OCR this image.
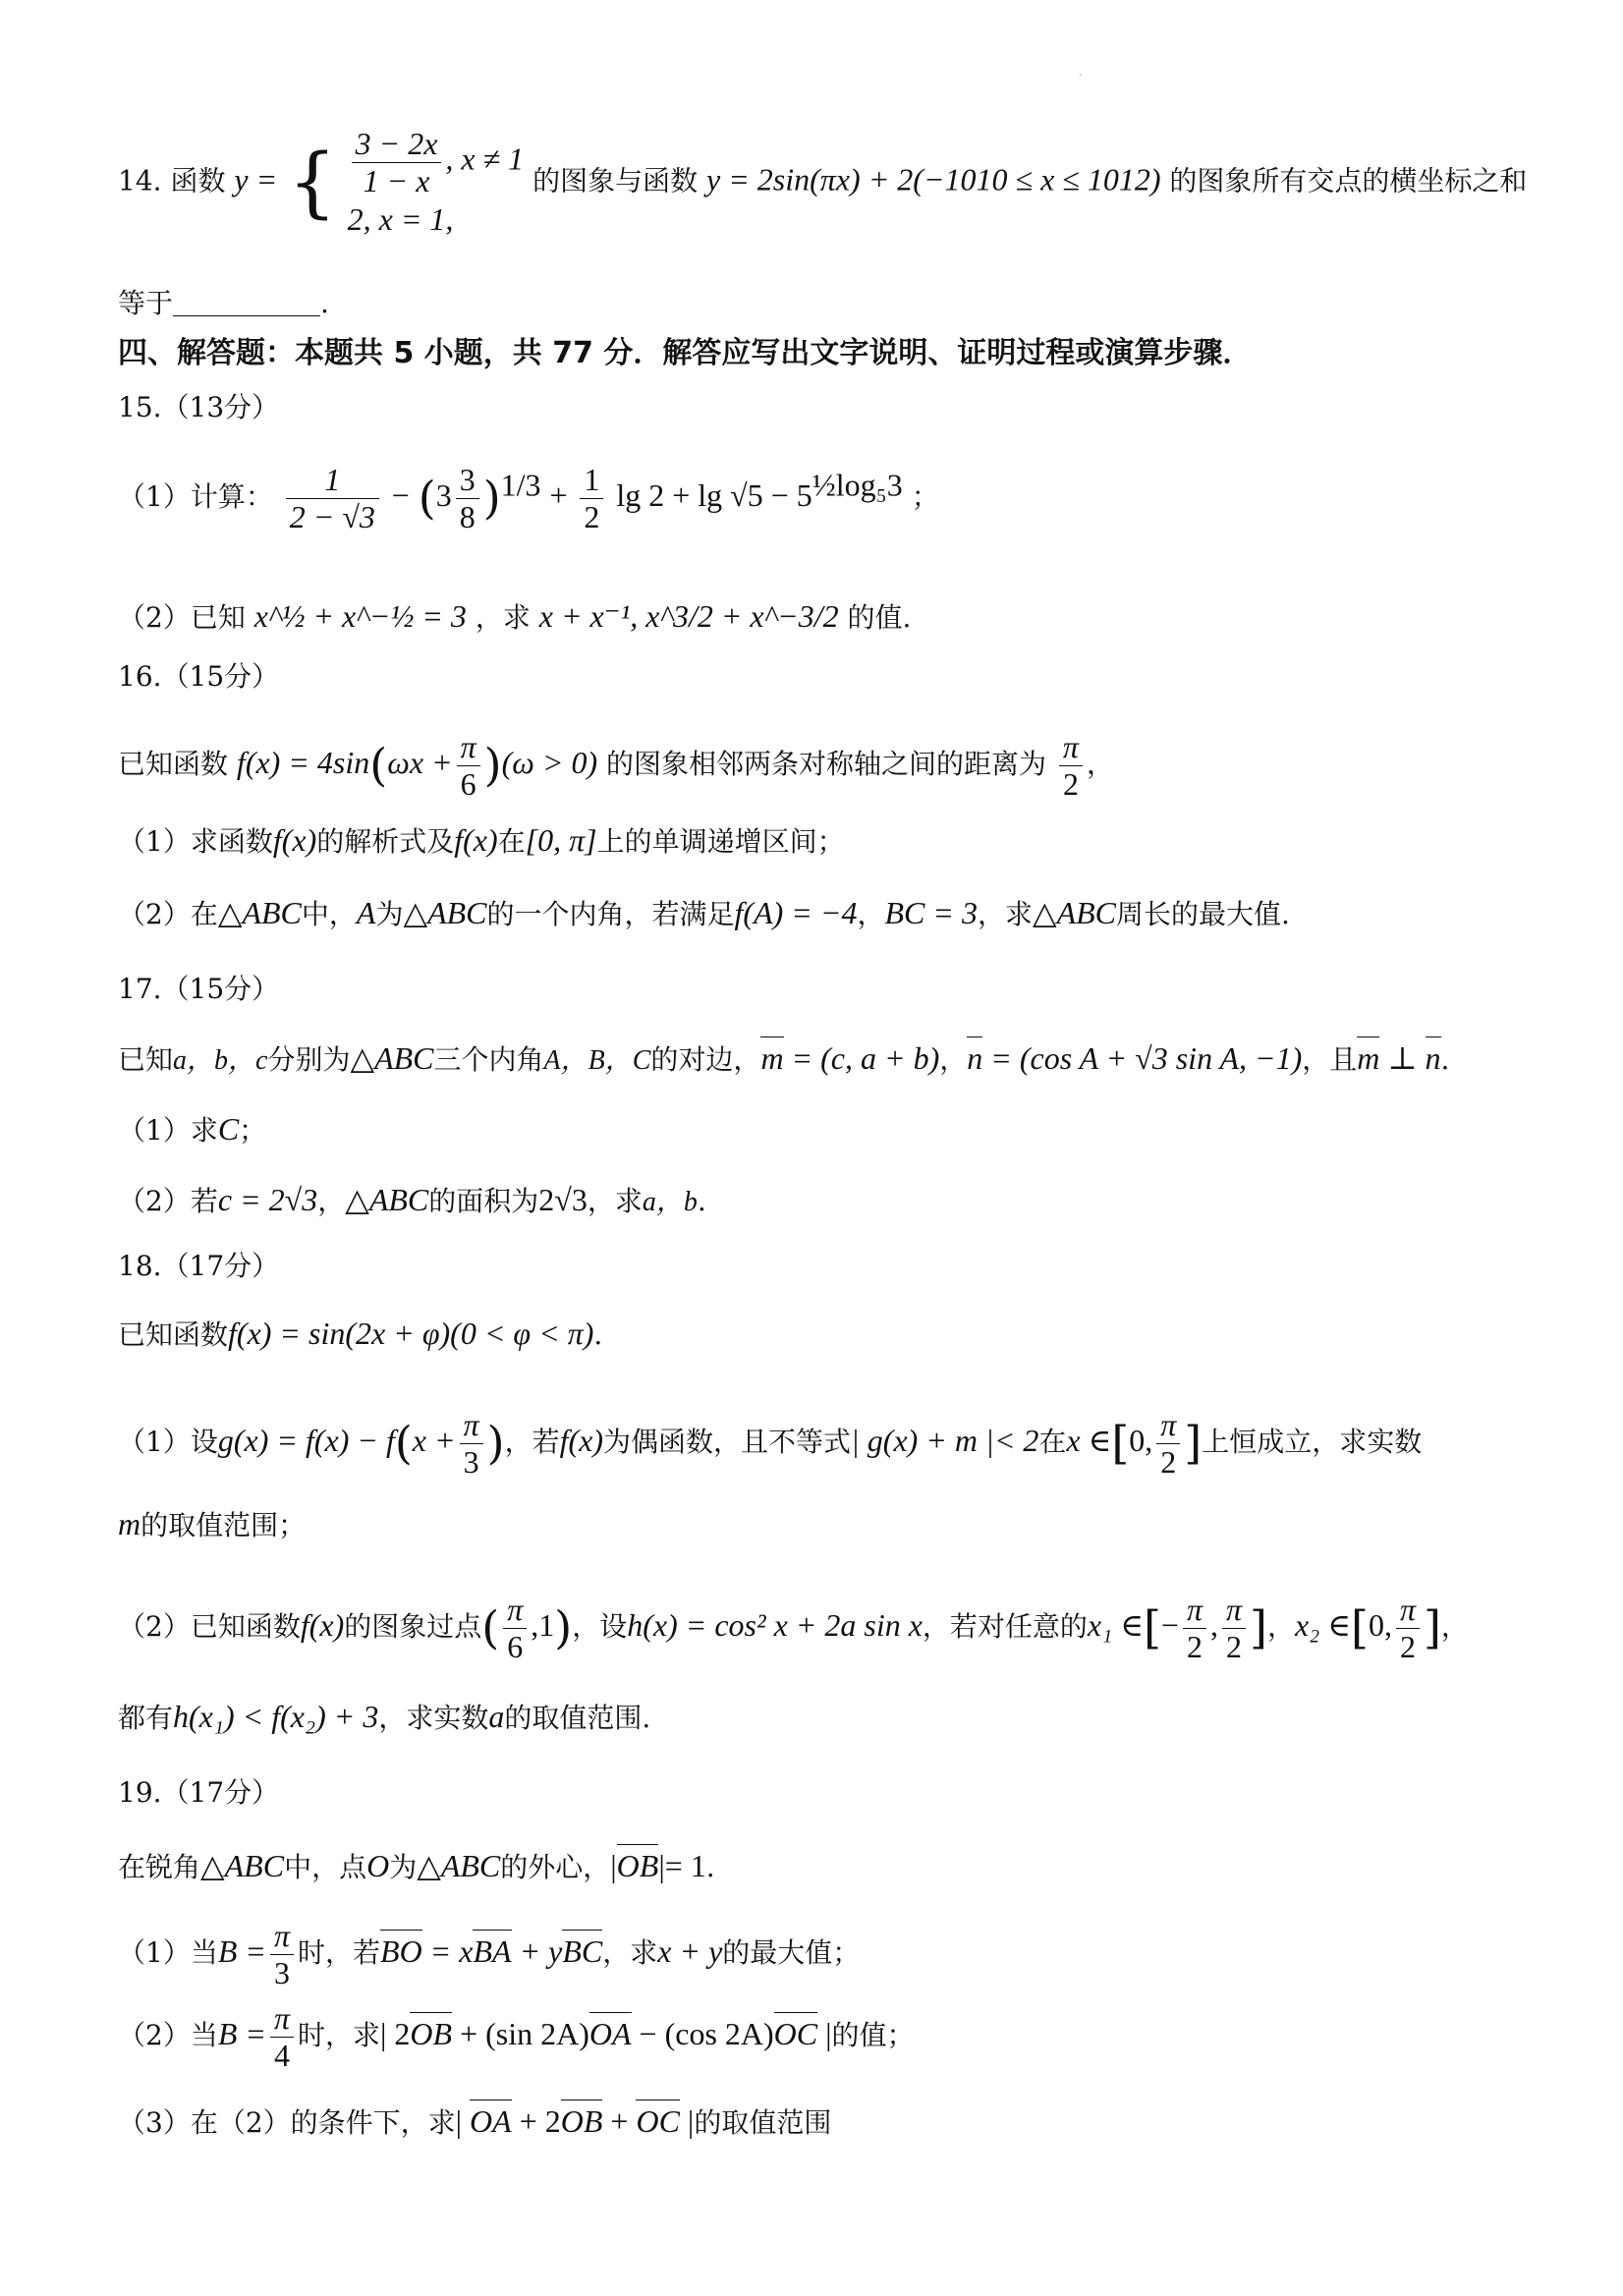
·
14. 函数 y = { $\frac{3 - 2x}{1 - x}$ , x ≠ 1
2, x = 1,
的图象与函数 y = 2sin(πx) + 2(−1010 ≤ x ≤ 1012) 的图象所有交点的横坐标之和
等于	.
四、解答题：本题共 5 小题，共 77 分．解答应写出文字说明、证明过程或演算步骤．
15.（13分）
（1）计算： $\frac{1}{2 - √3} - (3 \frac{3}{8} )^{1/3} + \frac{1}{2}$ $\lg 2 + \lg √5 - 5^{\frac{1}{2}log_53}$ ；
（2）已知 x^½ + x^−½ = 3 ，求 x + x⁻¹, x^3/2 + x^−3/2 的值.
16.（15分）
已知函数 $f(x) = 4\sin(\omega x + \frac{\pi}{6} )(\omega > 0)$ 的图象相邻两条对称轴之间的距离为 $\frac{\pi}{2}$ ，
（1）求函数f(x)的解析式及f(x)在[0, π]上的单调递增区间；
（2）在△ABC中，A为△ABC的一个内角，若满足f(A) = −4，BC = 3，求△ABC周长的最大值.
17.（15分）
已知a，b，c分别为△ABC三个内角A，B，C的对边，m = (c, a + b)，n = (cos A + √3 sin A, −1)，且m ⊥ n.
（1）求C；
（2）若c = 2√3，△ABC的面积为2√3，求a，b.
18.（17分）
已知函数f(x) = sin(2x + φ)(0 < φ < π).
（1）设$g(x) = f(x) - f(x + \frac{\pi}{3}$ )，若f(x)为偶函数，且不等式| g(x) + m |< 2在x ∈[0, $\frac{\pi}{2}$ ]上恒成立，求实数
m的取值范围；
（2）已知函数f(x)的图象过点( $\frac{\pi}{6} ,1$)，设h(x) = cos² x + 2a sin x，若对任意的x₁ ∈[− $\frac{\pi}{2}$ , $\frac{\pi}{2}$ ]，x₂ ∈[0, $\frac{\pi}{2}$ ]，
都有h(x₁) < f(x₂) + 3，求实数a的取值范围.
19.（17分）
在锐角△ABC中，点O为△ABC的外心，|OB|= 1.
（1）当$B = \frac{\pi}{3}$ 时，若BO = xBA + yBC，求x + y的最大值；
（2）当$B = \frac{\pi}{4}$ 时，求| 2OB + (sin 2A)OA − (cos 2A)OC |的值；
（3）在（2）的条件下，求| OA + 2OB + OC |的取值范围
